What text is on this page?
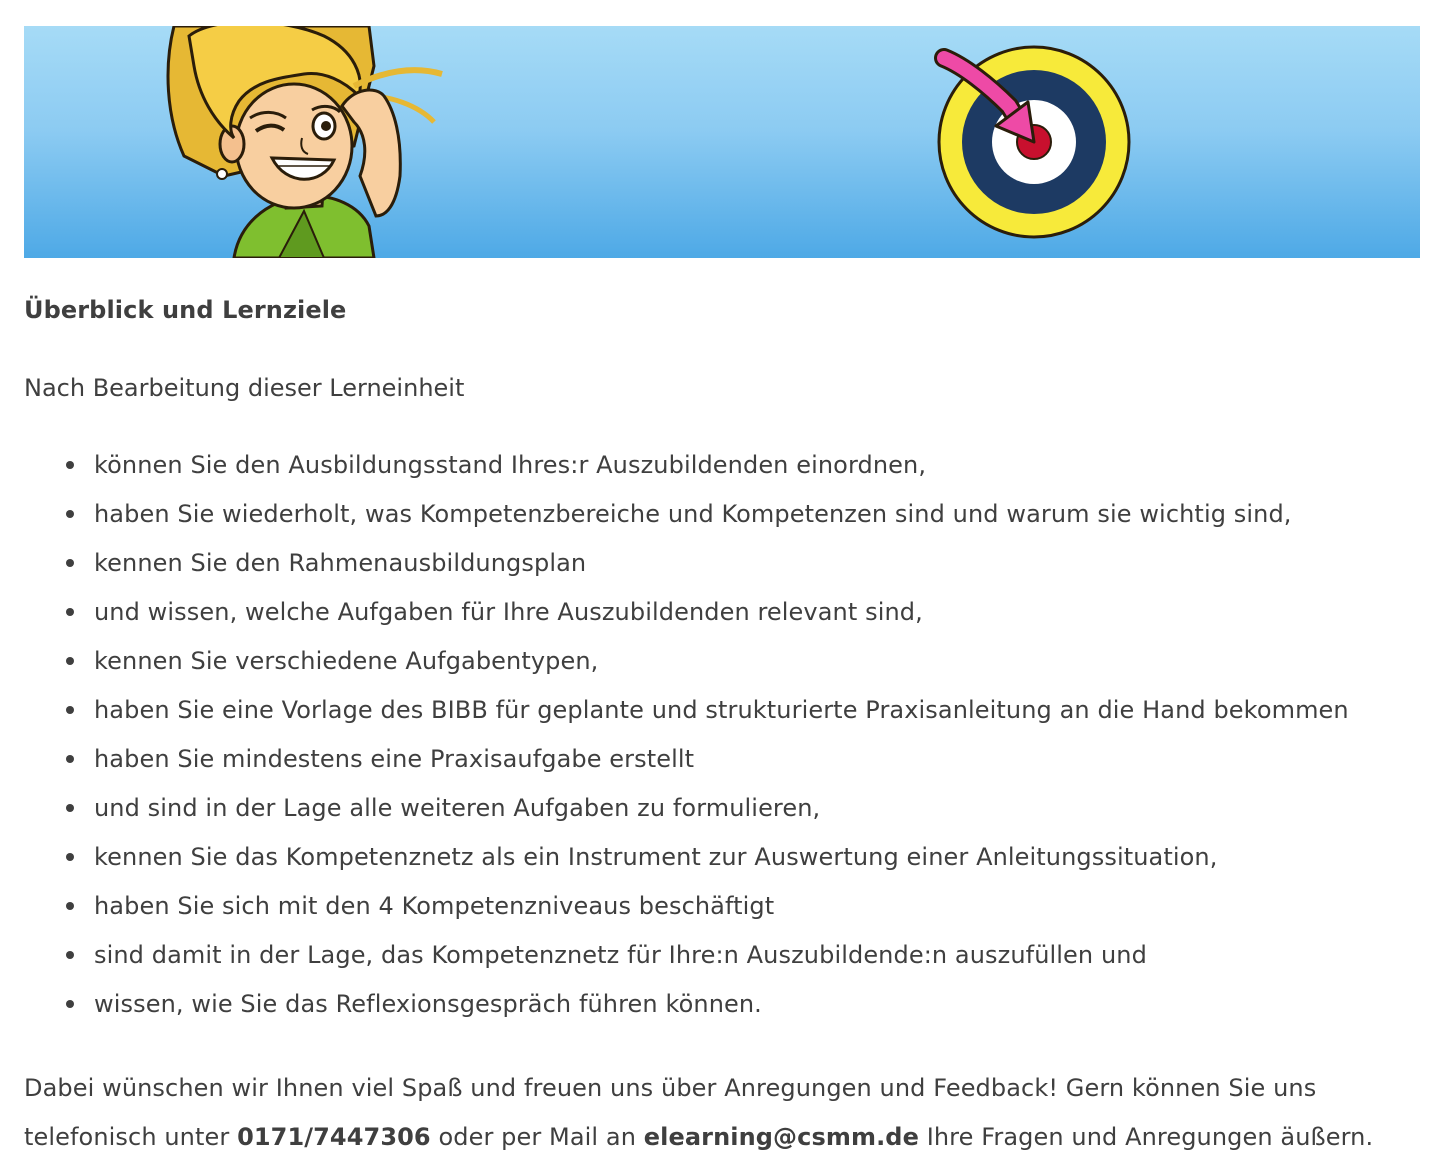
Überblick und Lernziele
Nach Bearbeitung dieser Lerneinheit
können Sie den Ausbildungsstand Ihres:r Auszubildenden einordnen,
haben Sie wiederholt, was Kompetenzbereiche und Kompetenzen sind und warum sie wichtig sind,
kennen Sie den Rahmenausbildungsplan
und wissen, welche Aufgaben für Ihre Auszubildenden relevant sind,
kennen Sie verschiedene Aufgabentypen,
haben Sie eine Vorlage des BIBB für geplante und strukturierte Praxisanleitung an die Hand bekommen
haben Sie mindestens eine Praxisaufgabe erstellt
und sind in der Lage alle weiteren Aufgaben zu formulieren,
kennen Sie das Kompetenznetz als ein Instrument zur Auswertung einer Anleitungssituation,
haben Sie sich mit den 4 Kompetenzniveaus beschäftigt
sind damit in der Lage, das Kompetenznetz für Ihre:n Auszubildende:n auszufüllen und
wissen, wie Sie das Reflexionsgespräch führen können.
Dabei wünschen wir Ihnen viel Spaß und freuen uns über Anregungen und Feedback! Gern können Sie uns
telefonisch unter 0171/7447306 oder per Mail an elearning@csmm.de Ihre Fragen und Anregungen äußern.
